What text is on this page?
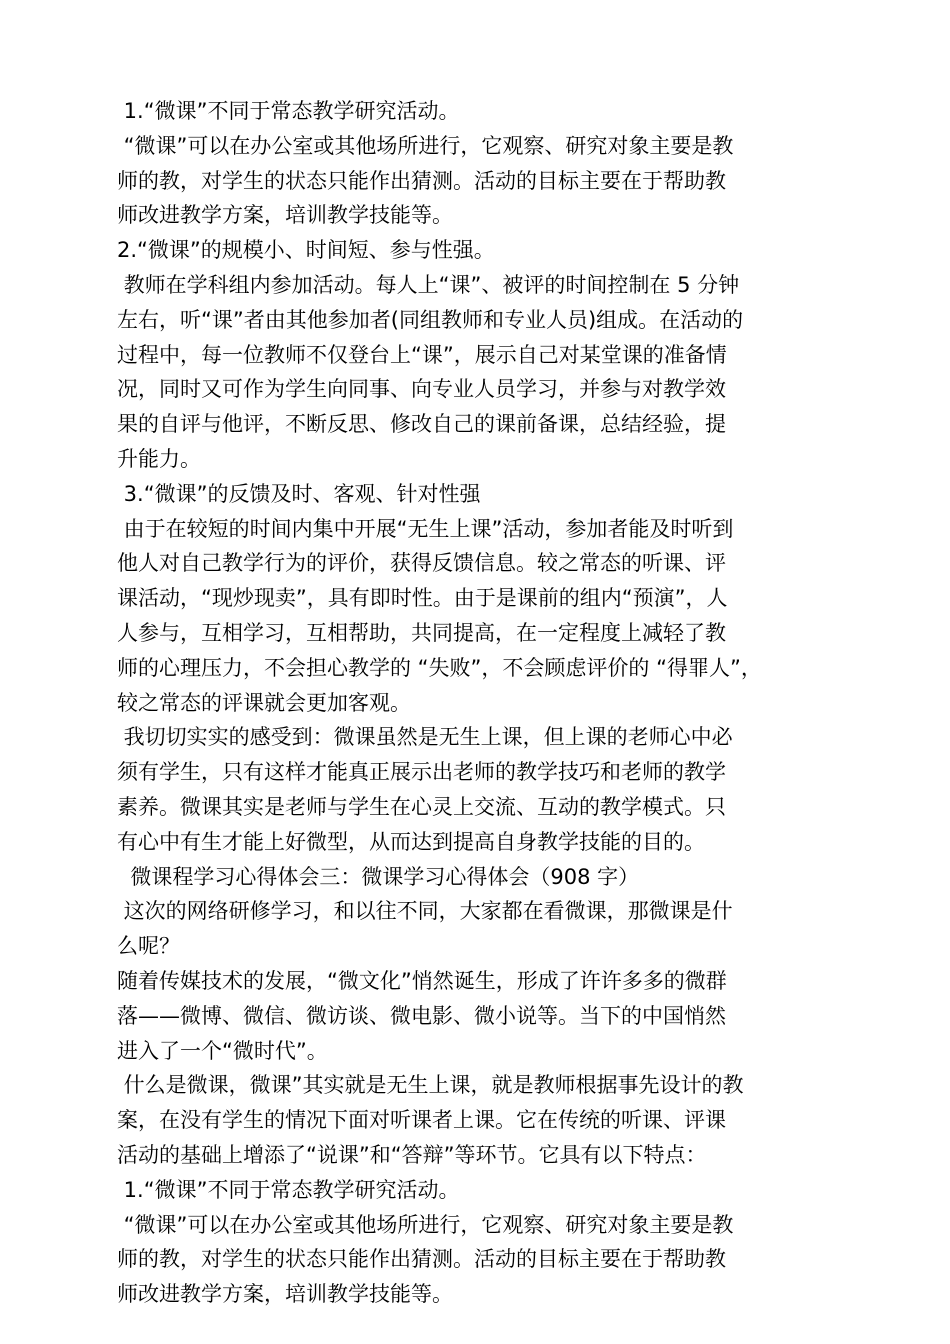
1.“微课”不同于常态教学研究活动。
“微课”可以在办公室或其他场所进行，它观察、研究对象主要是教
师的教，对学生的状态只能作出猜测。活动的目标主要在于帮助教
师改进教学方案，培训教学技能等。
2.“微课”的规模小、时间短、参与性强。
教师在学科组内参加活动。每人上“课”、被评的时间控制在 5 分钟
左右，听“课”者由其他参加者(同组教师和专业人员)组成。在活动的
过程中，每一位教师不仅登台上“课”，展示自己对某堂课的准备情
况，同时又可作为学生向同事、向专业人员学习，并参与对教学效
果的自评与他评，不断反思、修改自己的课前备课，总结经验，提
升能力。
3.“微课”的反馈及时、客观、针对性强
由于在较短的时间内集中开展“无生上课”活动，参加者能及时听到
他人对自己教学行为的评价，获得反馈信息。较之常态的听课、评
课活动，“现炒现卖”，具有即时性。由于是课前的组内“预演”，人
人参与，互相学习，互相帮助，共同提高，在一定程度上减轻了教
师的心理压力，不会担心教学的 “失败”，不会顾虑评价的 “得罪人”，
较之常态的评课就会更加客观。
我切切实实的感受到：微课虽然是无生上课，但上课的老师心中必
须有学生，只有这样才能真正展示出老师的教学技巧和老师的教学
素养。微课其实是老师与学生在心灵上交流、互动的教学模式。只
有心中有生才能上好微型，从而达到提高自身教学技能的目的。
微课程学习心得体会三：微课学习心得体会（908 字）
这次的网络研修学习，和以往不同，大家都在看微课，那微课是什
么呢？
随着传媒技术的发展，“微文化”悄然诞生，形成了许许多多的微群
落——微博、微信、微访谈、微电影、微小说等。当下的中国悄然
进入了一个“微时代”。
什么是微课，微课”其实就是无生上课，就是教师根据事先设计的教
案，在没有学生的情况下面对听课者上课。它在传统的听课、评课
活动的基础上增添了“说课”和“答辩”等环节。它具有以下特点：
1.“微课”不同于常态教学研究活动。
“微课”可以在办公室或其他场所进行，它观察、研究对象主要是教
师的教，对学生的状态只能作出猜测。活动的目标主要在于帮助教
师改进教学方案，培训教学技能等。
